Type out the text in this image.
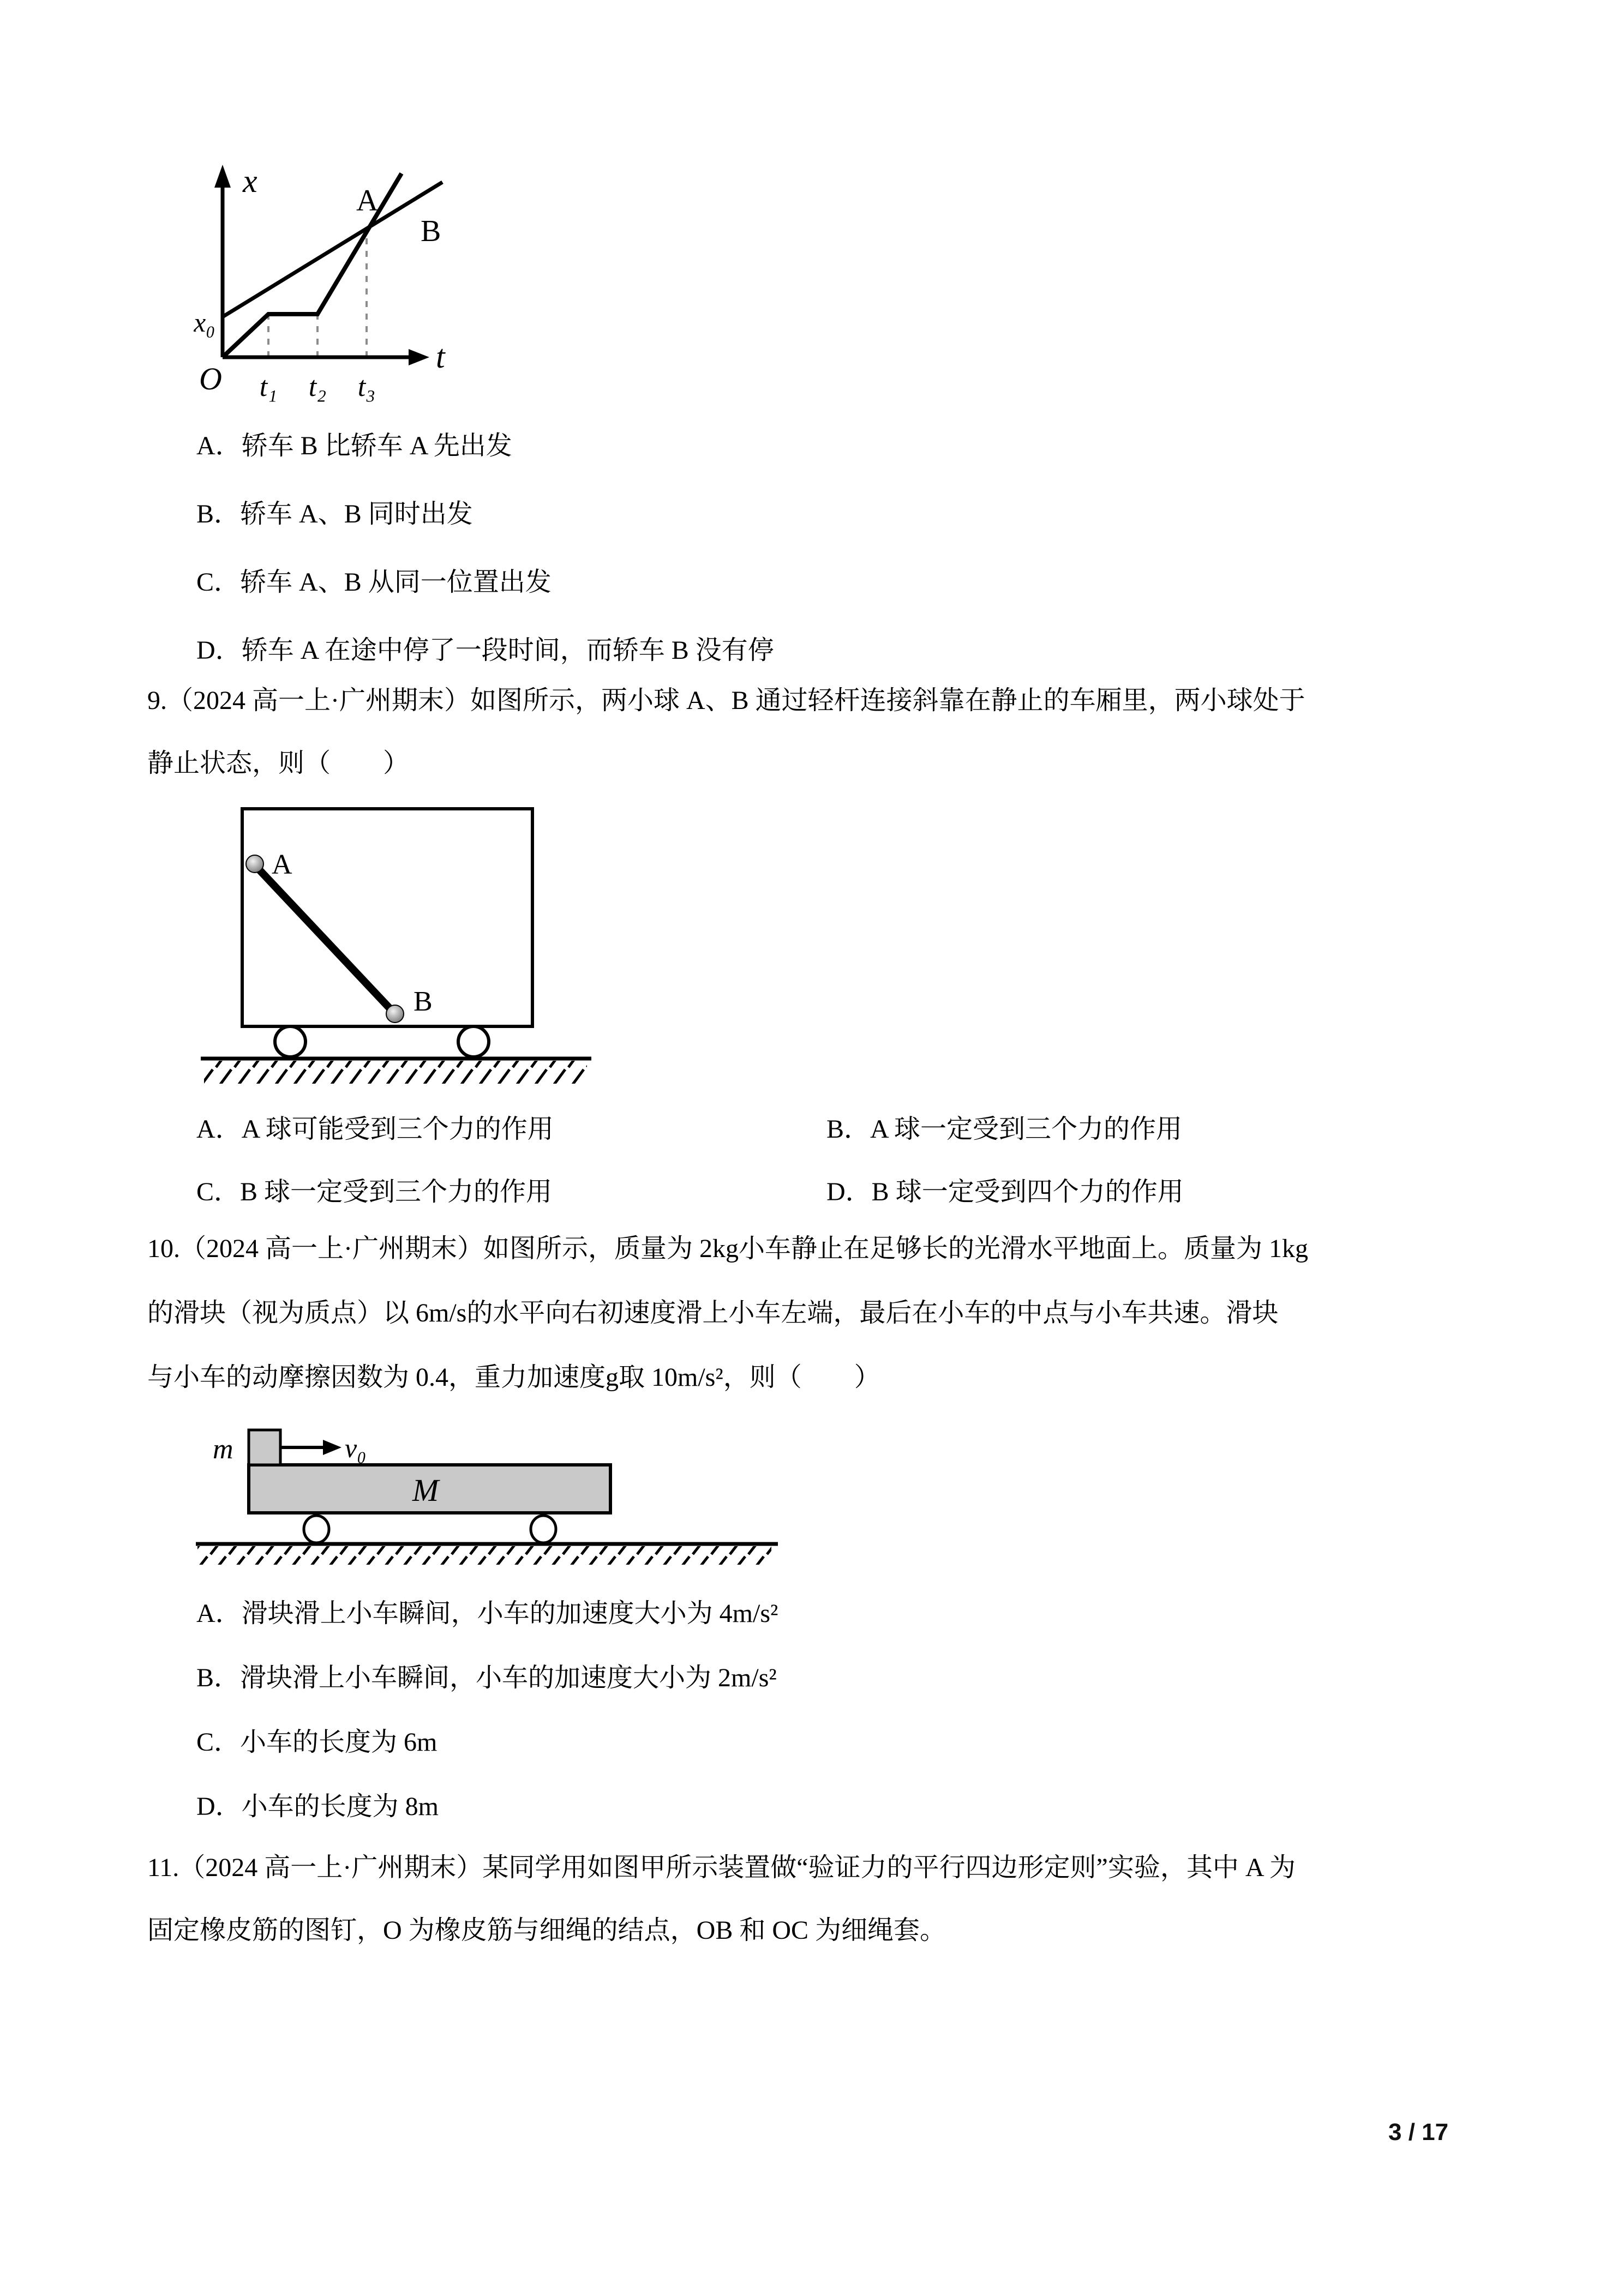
x
t
O
x₀
t₁ t₂ t₃
A
B
A．轿车 B 比轿车 A 先出发
B．轿车 A、B 同时出发
C．轿车 A、B 从同一位置出发
D．轿车 A 在途中停了一段时间，而轿车 B 没有停
9.（2024 高一上·广州期末）如图所示，两小球 A、B 通过轻杆连接斜靠在静止的车厢里，两小球处于
静止状态，则（　　）
A
B
A．A 球可能受到三个力的作用	B．A 球一定受到三个力的作用
C．B 球一定受到三个力的作用	D．B 球一定受到四个力的作用
10.（2024 高一上·广州期末）如图所示，质量为 2kg小车静止在足够长的光滑水平地面上。质量为 1kg
的滑块（视为质点）以 6m/s的水平向右初速度滑上小车左端，最后在小车的中点与小车共速。滑块
与小车的动摩擦因数为 0.4，重力加速度g取 10m/s²，则（　　）
m	v₀
M
A．滑块滑上小车瞬间，小车的加速度大小为 4m/s²
B．滑块滑上小车瞬间，小车的加速度大小为 2m/s²
C．小车的长度为 6m
D．小车的长度为 8m
11.（2024 高一上·广州期末）某同学用如图甲所示装置做“验证力的平行四边形定则”实验，其中 A 为
固定橡皮筋的图钉，O 为橡皮筋与细绳的结点，OB 和 OC 为细绳套。
3 / 17
